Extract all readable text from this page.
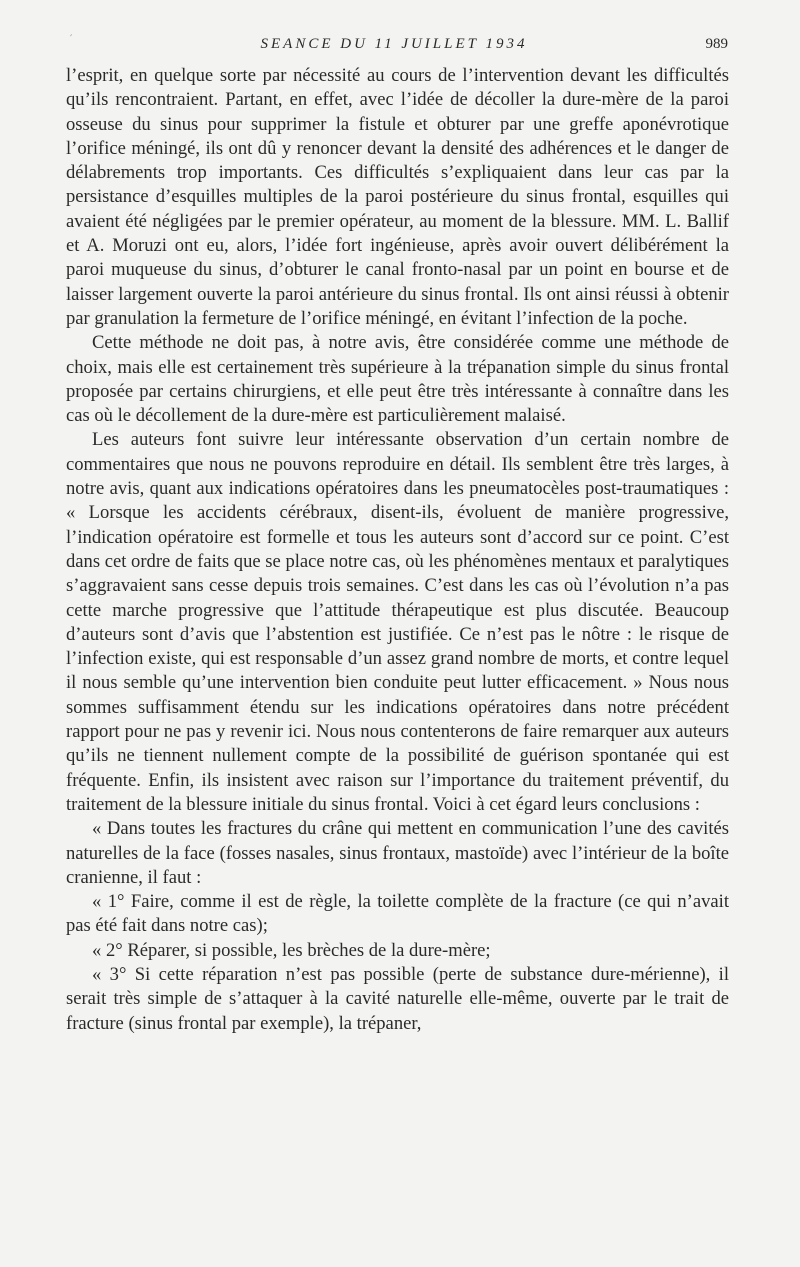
′	SEANCE DU 11 JUILLET 1934	989

l’esprit, en quelque sorte par nécessité au cours de l’intervention devant les difficultés qu’ils rencontraient. Partant, en effet, avec l’idée de décoller la dure-mère de la paroi osseuse du sinus pour supprimer la fistule et obturer par une greffe aponévrotique l’orifice méningé, ils ont dû y renoncer devant la densité des adhérences et le danger de délabrements trop importants. Ces difficultés s’expliquaient dans leur cas par la persistance d’esquilles multiples de la paroi postérieure du sinus frontal, esquilles qui avaient été négligées par le premier opérateur, au moment de la blessure. MM. L. Ballif et A. Moruzi ont eu, alors, l’idée fort ingénieuse, après avoir ouvert délibérément la paroi muqueuse du sinus, d’obturer le canal fronto-nasal par un point en bourse et de laisser largement ouverte la paroi antérieure du sinus frontal. Ils ont ainsi réussi à obtenir par granulation la fermeture de l’orifice méningé, en évitant l’infection de la poche.

Cette méthode ne doit pas, à notre avis, être considérée comme une méthode de choix, mais elle est certainement très supérieure à la trépanation simple du sinus frontal proposée par certains chirurgiens, et elle peut être très intéressante à connaître dans les cas où le décollement de la dure-mère est particulièrement malaisé.

Les auteurs font suivre leur intéressante observation d’un certain nombre de commentaires que nous ne pouvons reproduire en détail. Ils semblent être très larges, à notre avis, quant aux indications opératoires dans les pneumatocèles post-traumatiques : « Lorsque les accidents cérébraux, disent-ils, évoluent de manière progressive, l’indication opératoire est formelle et tous les auteurs sont d’accord sur ce point. C’est dans cet ordre de faits que se place notre cas, où les phénomènes mentaux et paralytiques s’aggravaient sans cesse depuis trois semaines. C’est dans les cas où l’évolution n’a pas cette marche progressive que l’attitude thérapeutique est plus discutée. Beaucoup d’auteurs sont d’avis que l’abstention est justifiée. Ce n’est pas le nôtre : le risque de l’infection existe, qui est responsable d’un assez grand nombre de morts, et contre lequel il nous semble qu’une intervention bien conduite peut lutter efficacement. » Nous nous sommes suffisamment étendu sur les indications opératoires dans notre précédent rapport pour ne pas y revenir ici. Nous nous contenterons de faire remarquer aux auteurs qu’ils ne tiennent nullement compte de la possibilité de guérison spontanée qui est fréquente. Enfin, ils insistent avec raison sur l’importance du traitement préventif, du traitement de la blessure initiale du sinus frontal. Voici à cet égard leurs conclusions :

« Dans toutes les fractures du crâne qui mettent en communication l’une des cavités naturelles de la face (fosses nasales, sinus frontaux, mastoïde) avec l’intérieur de la boîte cranienne, il faut :

« 1° Faire, comme il est de règle, la toilette complète de la fracture (ce qui n’avait pas été fait dans notre cas);

« 2° Réparer, si possible, les brèches de la dure-mère;

« 3° Si cette réparation n’est pas possible (perte de substance dure-mérienne), il serait très simple de s’attaquer à la cavité naturelle elle-même, ouverte par le trait de fracture (sinus frontal par exemple), la trépaner,
